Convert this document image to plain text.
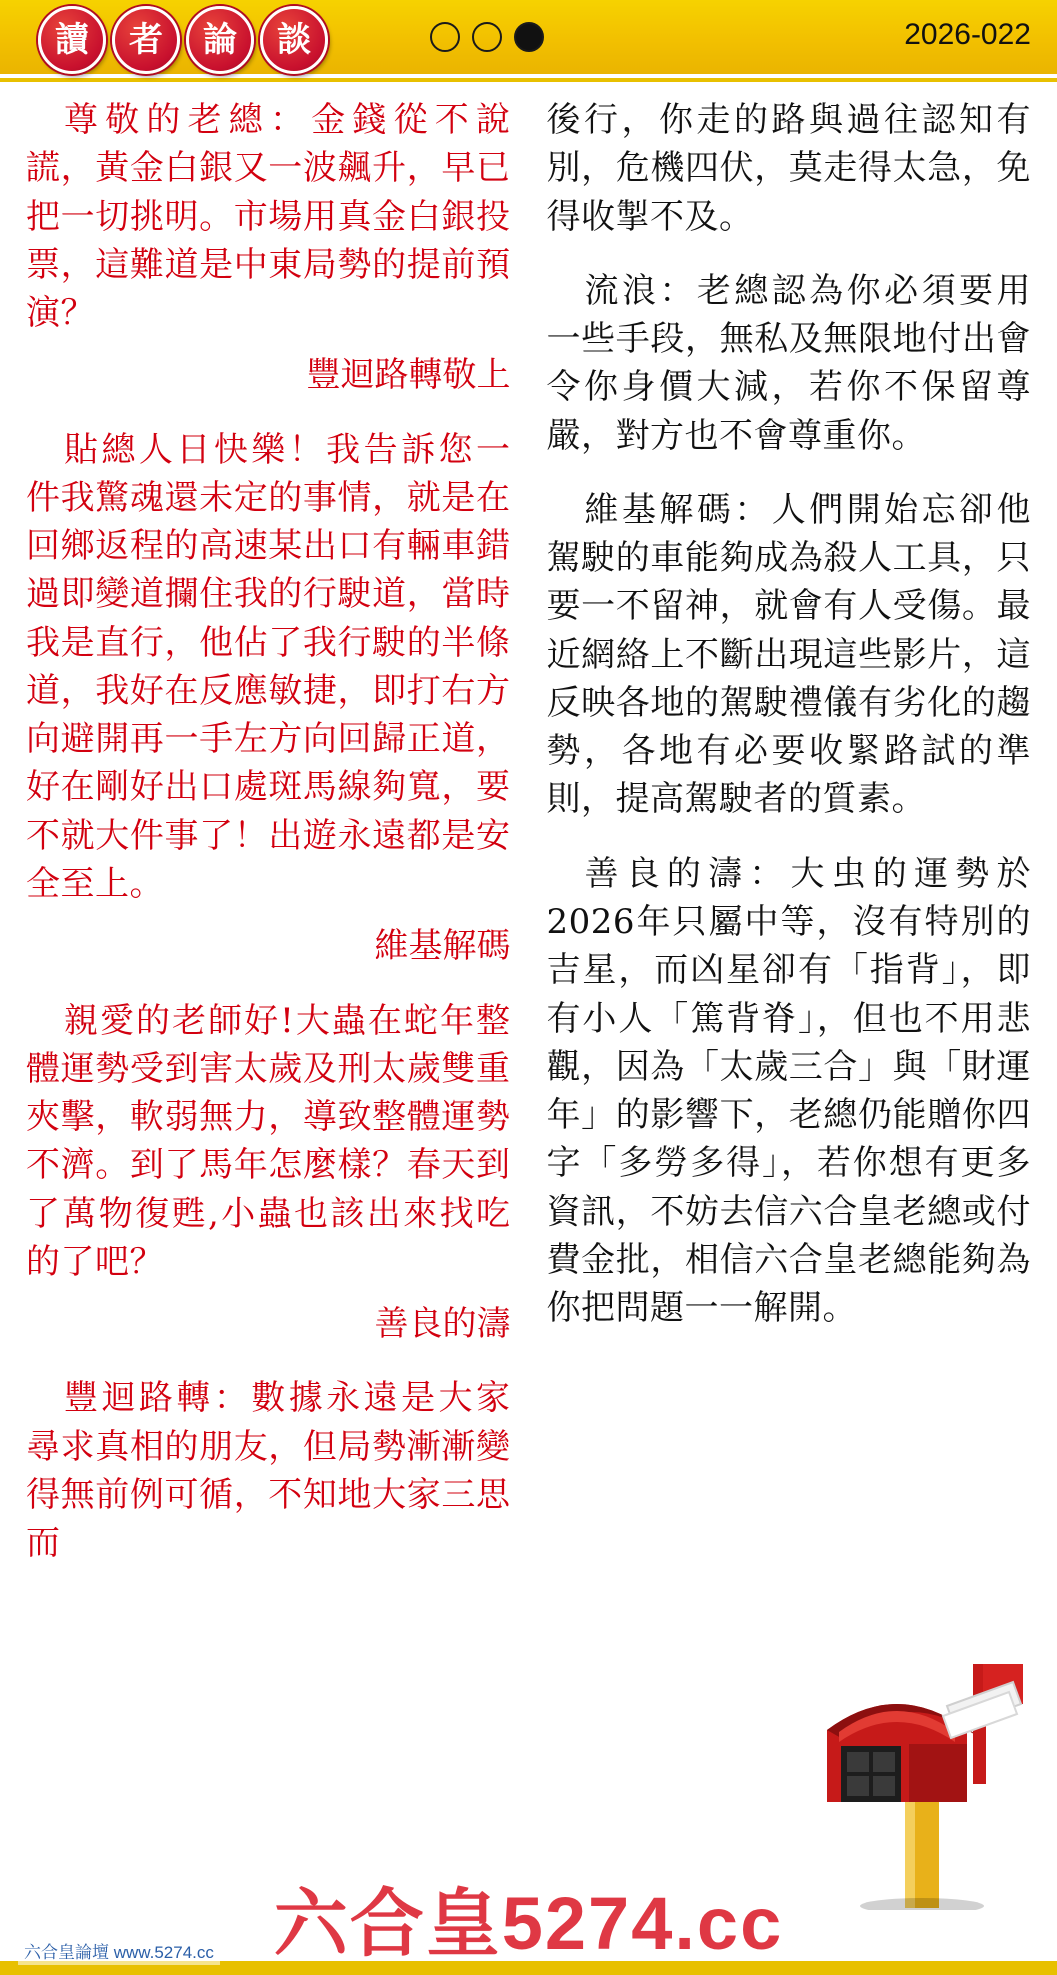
讀	者	論	談	2026-022

尊敬的老總：金錢從不說謊，黃金白銀又一波飆升，早已把一切挑明。市場用真金白銀投票，這難道是中東局勢的提前預演？

豐迴路轉敬上

貼總人日快樂！我告訴您一件我驚魂還未定的事情，就是在回鄉返程的高速某出口有輛車錯過即變道攔住我的行駛道，當時我是直行，他佔了我行駛的半條道，我好在反應敏捷，即打右方向避開再一手左方向回歸正道，好在剛好出口處斑馬線夠寬，要不就大件事了！出遊永遠都是安全至上。

維基解碼

親愛的老師好!大蟲在蛇年整體運勢受到害太歲及刑太歲雙重夾擊，軟弱無力，導致整體運勢不濟。到了馬年怎麼樣？春天到了萬物復甦,小蟲也該出來找吃的了吧？

善良的濤

豐迴路轉：數據永遠是大家尋求真相的朋友，但局勢漸漸變得無前例可循，不知地大家三思而

後行，你走的路與過往認知有別，危機四伏，莫走得太急，免得收掣不及。

流浪：老總認為你必須要用一些手段，無私及無限地付出會令你身價大減，若你不保留尊嚴，對方也不會尊重你。

維基解碼：人們開始忘卻他駕駛的車能夠成為殺人工具，只要一不留神，就會有人受傷。最近網絡上不斷出現這些影片，這反映各地的駕駛禮儀有劣化的趨勢，各地有必要收緊路試的準則，提高駕駛者的質素。

善良的濤：大虫的運勢於2026年只屬中等，沒有特別的吉星，而凶星卻有「指背」，即有小人「篤背脊」，但也不用悲觀，因為「太歲三合」與「財運年」的影響下，老總仍能贈你四字「多勞多得」，若你想有更多資訊，不妨去信六合皇老總或付費金批，相信六合皇老總能夠為你把問題一一解開。

六合皇5274.cc
六合皇論壇 www.5274.cc
